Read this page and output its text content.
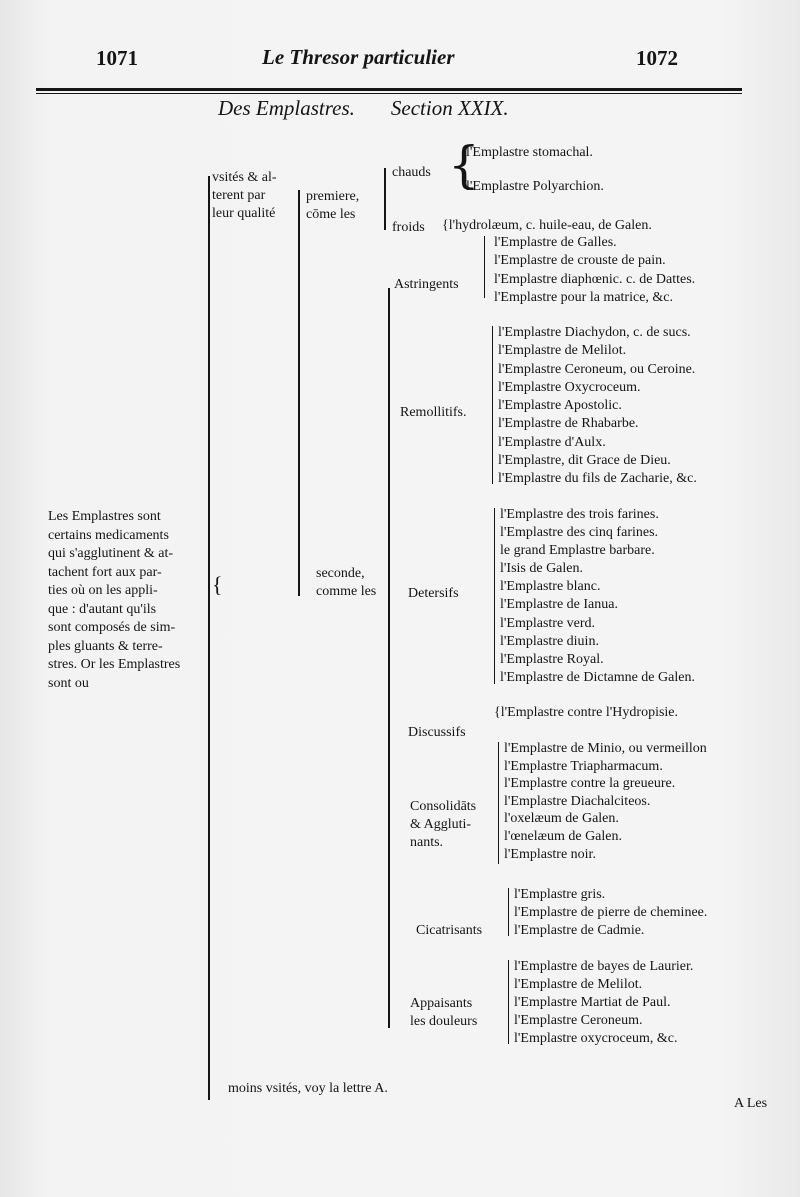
1071	Le Thresor particulier	1072
Des Emplastres. Section XXIX.
Les Emplastres sont
certains medicaments
qui s'agglutinent & at-
tachent fort aux par-
ties où on les appli-
que : d'autant qu'ils
sont composés de sim-
ples gluants & terre-
stres. Or les Emplastres
sont ou
{
vsités & al-
terent par
leur qualité
premiere,
cōme les
seconde,
comme les
chauds
froids
{
l'Emplastre stomachal.
l'Emplastre Polyarchion.
{l'hydrolæum, c. huile-eau, de Galen.
Astringents
Remollitifs.
Detersifs
Discussifs
Consolidāts
& Aggluti-
nants.
Cicatrisants
Appaisants
les douleurs
l'Emplastre de Galles.
l'Emplastre de crouste de pain.
l'Emplastre diaphœnic. c. de Dattes.
l'Emplastre pour la matrice, &c.
l'Emplastre Diachydon, c. de sucs.
l'Emplastre de Melilot.
l'Emplastre Ceroneum, ou Ceroine.
l'Emplastre Oxycroceum.
l'Emplastre Apostolic.
l'Emplastre de Rhabarbe.
l'Emplastre d'Aulx.
l'Emplastre, dit Grace de Dieu.
l'Emplastre du fils de Zacharie, &c.
l'Emplastre des trois farines.
l'Emplastre des cinq farines.
le grand Emplastre barbare.
l'Isis de Galen.
l'Emplastre blanc.
l'Emplastre de Ianua.
l'Emplastre verd.
l'Emplastre diuin.
l'Emplastre Royal.
l'Emplastre de Dictamne de Galen.
{l'Emplastre contre l'Hydropisie.
l'Emplastre de Minio, ou vermeillon
l'Emplastre Triapharmacum.
l'Emplastre contre la greueure.
l'Emplastre Diachalciteos.
l'oxelæum de Galen.
l'œnelæum de Galen.
l'Emplastre noir.
l'Emplastre gris.
l'Emplastre de pierre de cheminee.
l'Emplastre de Cadmie.
l'Emplastre de bayes de Laurier.
l'Emplastre de Melilot.
l'Emplastre Martiat de Paul.
l'Emplastre Ceroneum.
l'Emplastre oxycroceum, &c.
moins vsités, voy la lettre A.
A Les
